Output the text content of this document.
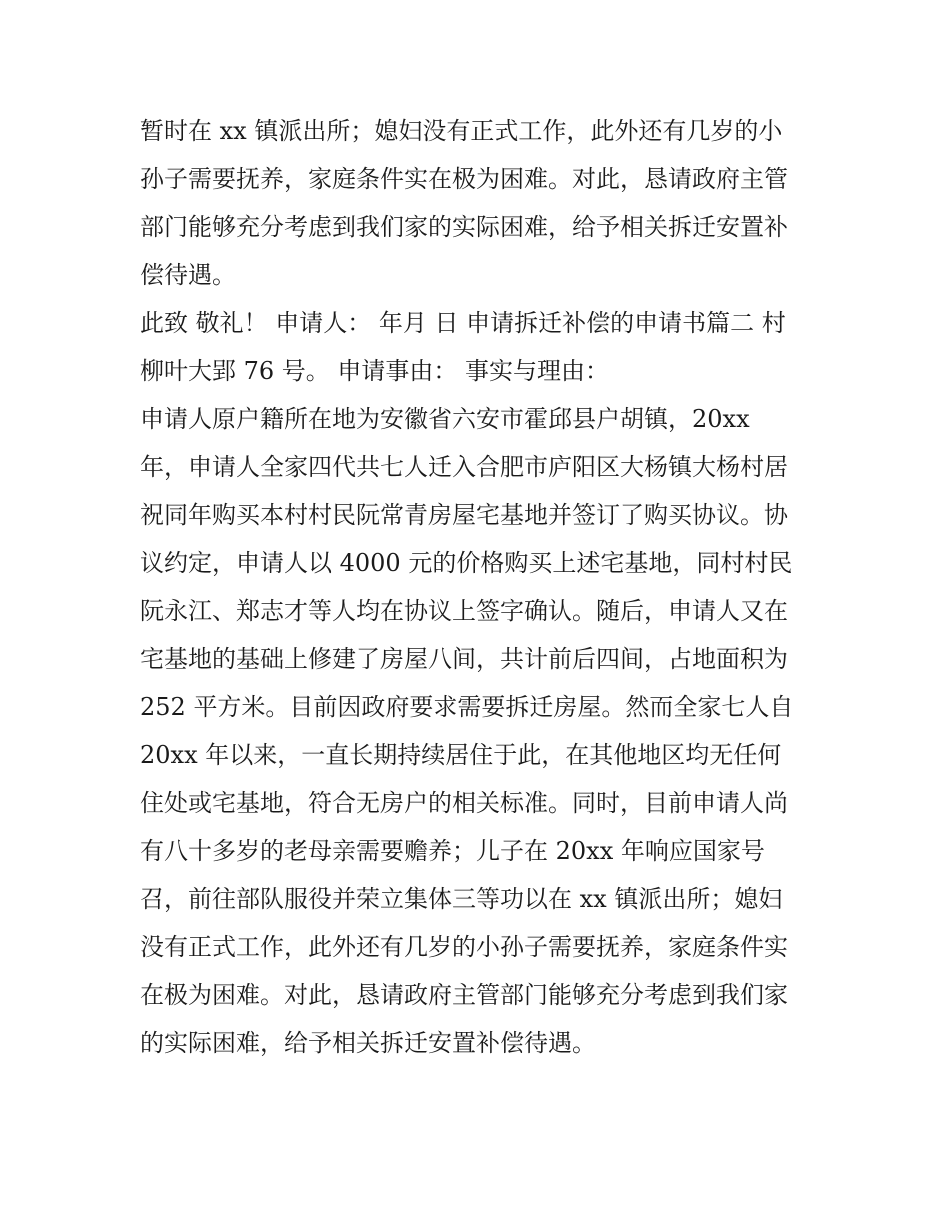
暂时在 xx 镇派出所；媳妇没有正式工作，此外还有几岁的小
孙子需要抚养，家庭条件实在极为困难。对此，恳请政府主管
部门能够充分考虑到我们家的实际困难，给予相关拆迁安置补
偿待遇。
此致 敬礼！ 申请人： 年月 日 申请拆迁补偿的申请书篇二 村
柳叶大郢 76 号。 申请事由： 事实与理由：
申请人原户籍所在地为安徽省六安市霍邱县户胡镇，20xx
年，申请人全家四代共七人迁入合肥市庐阳区大杨镇大杨村居
祝同年购买本村村民阮常青房屋宅基地并签订了购买协议。协
议约定，申请人以 4000 元的价格购买上述宅基地，同村村民
阮永江、郑志才等人均在协议上签字确认。随后，申请人又在
宅基地的基础上修建了房屋八间，共计前后四间，占地面积为
252 平方米。目前因政府要求需要拆迁房屋。然而全家七人自
20xx 年以来，一直长期持续居住于此，在其他地区均无任何
住处或宅基地，符合无房户的相关标准。同时，目前申请人尚
有八十多岁的老母亲需要赡养；儿子在 20xx 年响应国家号
召，前往部队服役并荣立集体三等功以在 xx 镇派出所；媳妇
没有正式工作，此外还有几岁的小孙子需要抚养，家庭条件实
在极为困难。对此，恳请政府主管部门能够充分考虑到我们家
的实际困难，给予相关拆迁安置补偿待遇。
